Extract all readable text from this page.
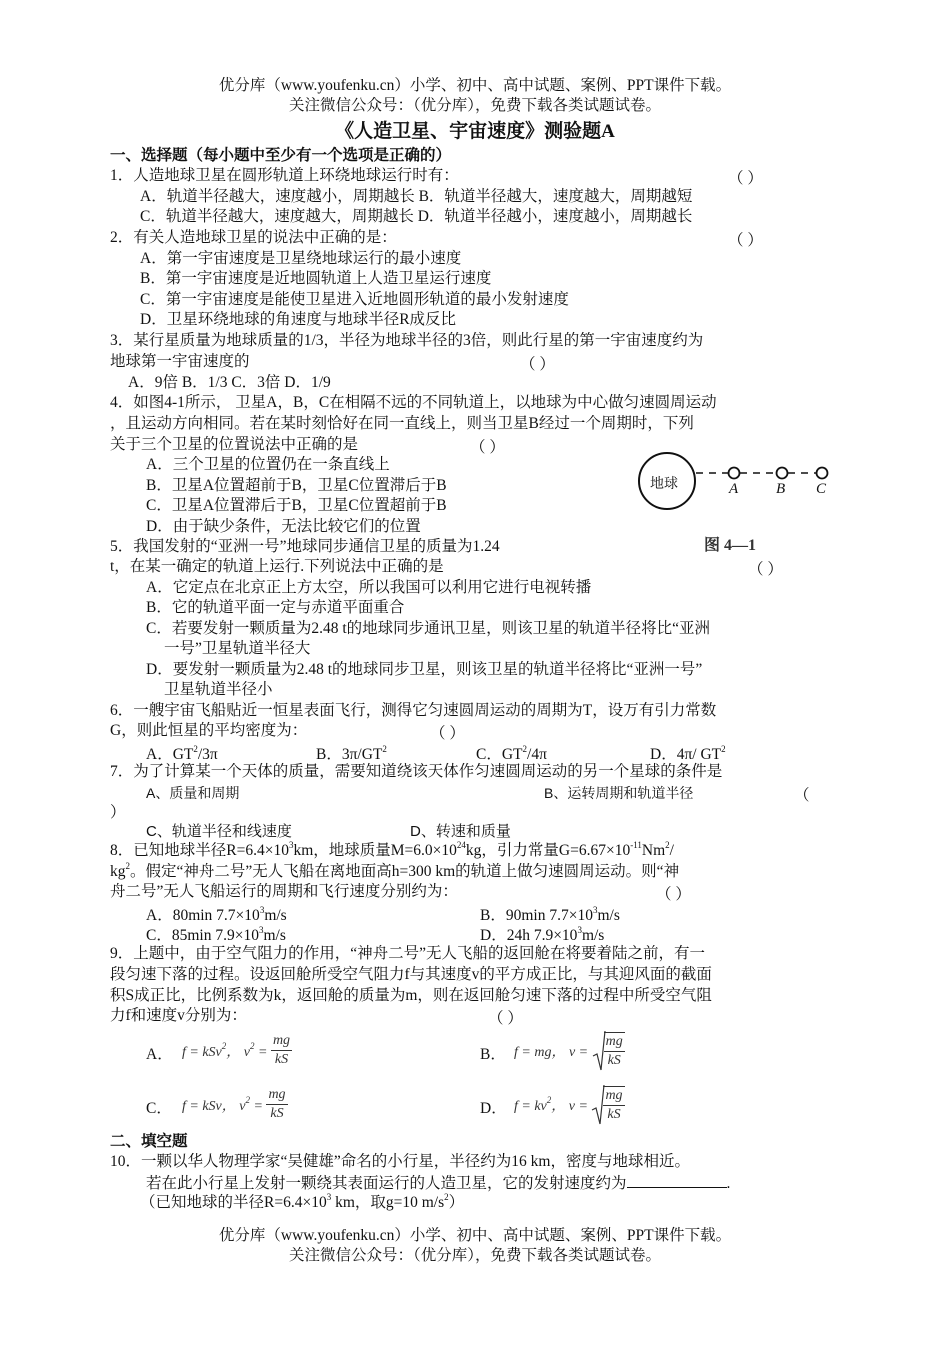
优分库（www.youfenku.cn）小学、初中、高中试题、案例、PPT课件下载。
关注微信公众号：（优分库），免费下载各类试题试卷。
《人造卫星、宇宙速度》测验题A
一、选择题（每小题中至少有一个选项是正确的）
1．人造地球卫星在圆形轨道上环绕地球运行时有：	（ ）
A．轨道半径越大，速度越小，周期越长 B．轨道半径越大，速度越大，周期越短
C．轨道半径越大，速度越大，周期越长 D．轨道半径越小，速度越小，周期越长
2．有关人造地球卫星的说法中正确的是：	（ ）
A．第一宇宙速度是卫星绕地球运行的最小速度
B．第一宇宙速度是近地圆轨道上人造卫星运行速度
C．第一宇宙速度是能使卫星进入近地圆形轨道的最小发射速度
D．卫星环绕地球的角速度与地球半径R成反比
3．某行星质量为地球质量的1/3，半径为地球半径的3倍，则此行星的第一宇宙速度约为
地球第一宇宙速度的	（ ）
A．9倍 B．1/3 C．3倍 D．1/9
4．如图4-1所示， 卫星A，B，C在相隔不远的不同轨道上，以地球为中心做匀速圆周运动
，且运动方向相同。若在某时刻恰好在同一直线上，则当卫星B经过一个周期时，下列
关于三个卫星的位置说法中正确的是	（ ）
A．三个卫星的位置仍在一条直线上
B．卫星A位置超前于B，卫星C位置滞后于B
C．卫星A位置滞后于B，卫星C位置超前于B
D．由于缺少条件，无法比较它们的位置
地球	A	B C
图 4—1
5．我国发射的“亚洲一号”地球同步通信卫星的质量为1.24
t，在某一确定的轨道上运行.下列说法中正确的是	（ ）
A．它定点在北京正上方太空，所以我国可以利用它进行电视转播
B．它的轨道平面一定与赤道平面重合
C．若要发射一颗质量为2.48 t的地球同步通讯卫星，则该卫星的轨道半径将比“亚洲
一号”卫星轨道半径大
D．要发射一颗质量为2.48 t的地球同步卫星，则该卫星的轨道半径将比“亚洲一号”
卫星轨道半径小
6．一艘宇宙飞船贴近一恒星表面飞行，测得它匀速圆周运动的周期为T，设万有引力常数
G，则此恒星的平均密度为：	（ ）
A．$GT^2/3\pi$	B．$3\pi/GT^2$	C．$GT^2/4\pi$	D．4π/ $GT^2$
7．为了计算某一个天体的质量，需要知道绕该天体作匀速圆周运动的另一个星球的条件是
A、质量和周期	B、运转周期和轨道半径	（
）
C、轨道半径和线速度	D、转速和质量
8．已知地球半径$R=6.4\times 10^3km$，地球质量$M=6.0\times 10^{24}kg$，引力常量$G=6.67\times 10^{-11}Nm^2/$
$kg^2$。假定“神舟二号”无人飞船在离地面高h=300 km的轨道上做匀速圆周运动。则“神
舟二号”无人飞船运行的周期和飞行速度分别约为：	（ ）
A．80min $7.7\times 10^3m/s$	B．90min $7.7\times 10^3m/s$
C．85min $7.9\times 10^3m/s$	D．24h $7.9\times 10^3m/s$
9．上题中，由于空气阻力的作用，“神舟二号”无人飞船的返回舱在将要着陆之前，有一
段匀速下落的过程。设返回舱所受空气阻力f与其速度v的平方成正比，与其迎风面的截面
积S成正比，比例系数为k，返回舱的质量为m，则在返回舱匀速下落的过程中所受空气阻
力f和速度v分别为：	（ ）
A． f = kSv$^2$， $v^2 = \frac{mg}{kS}$	B． f = mg， $v = \frac{mg}{kS}$
C． f = kSv， $v^2 = \frac{mg}{kS}$	D． $f = kv^2$， $v = \frac{mg}{kS}$
二、填空题
10．一颗以华人物理学家“吴健雄”命名的小行星，半径约为16 km，密度与地球相近。
若在此小行星上发射一颗绕其表面运行的人造卫星，它的发射速度约为	.
（已知地球的半径$R=6.4\times 10^3$ km，取g=10 $m/s^2$）
优分库（www.youfenku.cn）小学、初中、高中试题、案例、PPT课件下载。
关注微信公众号：（优分库），免费下载各类试题试卷。
